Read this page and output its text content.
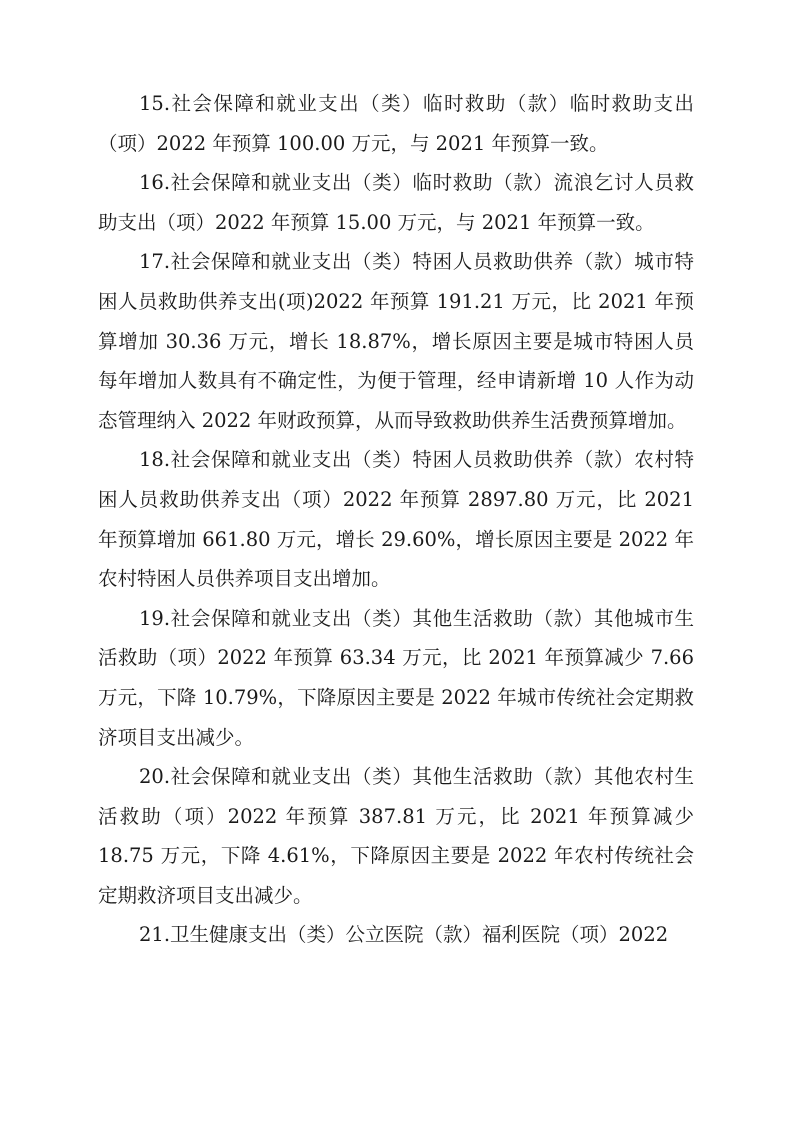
15.社会保障和就业支出（类）临时救助（款）临时救助支出（项）2022 年预算 100.00 万元，与 2021 年预算一致。

16.社会保障和就业支出（类）临时救助（款）流浪乞讨人员救助支出（项）2022 年预算 15.00 万元，与 2021 年预算一致。

17.社会保障和就业支出（类）特困人员救助供养（款）城市特困人员救助供养支出(项)2022 年预算 191.21 万元，比 2021 年预算增加 30.36 万元，增长 18.87%，增长原因主要是城市特困人员每年增加人数具有不确定性，为便于管理，经申请新增 10 人作为动态管理纳入 2022 年财政预算，从而导致救助供养生活费预算增加。

18.社会保障和就业支出（类）特困人员救助供养（款）农村特困人员救助供养支出（项）2022 年预算 2897.80 万元，比 2021 年预算增加 661.80 万元，增长 29.60%，增长原因主要是 2022 年农村特困人员供养项目支出增加。

19.社会保障和就业支出（类）其他生活救助（款）其他城市生活救助（项）2022 年预算 63.34 万元，比 2021 年预算减少 7.66 万元，下降 10.79%，下降原因主要是 2022 年城市传统社会定期救济项目支出减少。

20.社会保障和就业支出（类）其他生活救助（款）其他农村生活救助（项）2022 年预算 387.81 万元，比 2021 年预算减少 18.75 万元，下降 4.61%，下降原因主要是 2022 年农村传统社会定期救济项目支出减少。

21.卫生健康支出（类）公立医院（款）福利医院（项）2022
